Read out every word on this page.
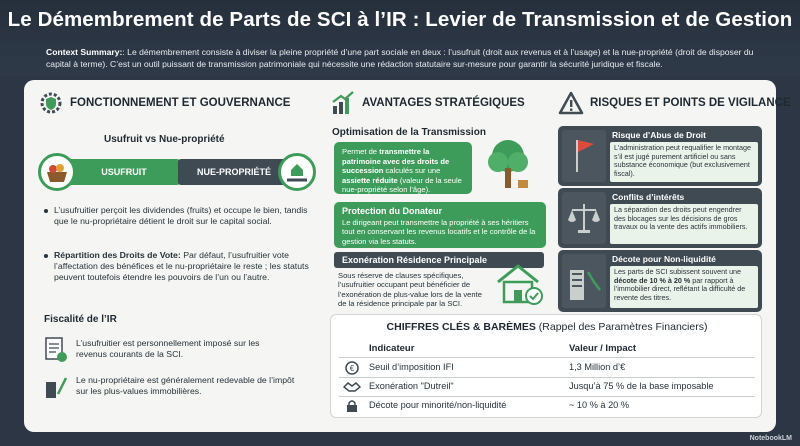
Le Démembrement de Parts de SCI à l’IR : Levier de Transmission et de Gestion
Context Summary:: Le démembrement consiste à diviser la pleine propriété d’une part sociale en deux : l’usufruit (droit aux revenus et à l’usage) et la nue-propriété (droit de disposer du capital à terme). C’est un outil puissant de transmission patrimoniale qui nécessite une rédaction statutaire sur-mesure pour garantir la sécurité juridique et fiscale.
FONCTIONNEMENT ET GOUVERNANCE
Usufruit vs Nue-propriété
USUFRUIT	NUE-PROPRIÉTÉ
L’usufruitier perçoit les dividendes (fruits) et occupe le bien, tandis que le nu-propriétaire détient le droit sur le capital social.
Répartition des Droits de Vote: Par défaut, l’usufruitier vote l’affectation des bénéfices et le nu-propriétaire le reste ; les statuts peuvent toutefois étendre les pouvoirs de l’un ou l’autre.
Fiscalité de l’IR
L’usufruitier est personnellement imposé sur les revenus courants de la SCI.
Le nu-propriétaire est généralement redevable de l’impôt sur les plus-values immobilières.
AVANTAGES STRATÉGIQUES
Optimisation de la Transmission
Permet de transmettre la patrimoine avec des droits de succession calculés sur une assiette réduite (valeur de la seule nue-propriété selon l’âge).
Protection du Donateur
Le dirigeant peut transmettre la propriété à ses héritiers tout en conservant les revenus locatifs et le contrôle de la gestion via les statuts.
Exonération Résidence Principale
Sous réserve de clauses spécifiques, l’usufruitier occupant peut bénéficier de l’exonération de plus-value lors de la vente de la résidence principale par la SCI.
RISQUES ET POINTS DE VIGILANCE
Risque d’Abus de Droit
L’administration peut requalifier le montage s’il est jugé purement artificiel ou sans substance économique (but exclusivement fiscal).
Conflits d’intérêts
La séparation des droits peut engendrer des blocages sur les décisions de gros travaux ou la vente des actifs immobiliers.
Décote pour Non-liquidité
Les parts de SCI subissent souvent une décote de 10 % à 20 % par rapport à l’immobilier direct, reflétant la difficulté de revente des titres.
CHIFFRES CLÉS & BARÈMES (Rappel des Paramètres Financiers)
Indicateur	Valeur / Impact
€ Seuil d’imposition IFI	1,3 Million d’€
Exonération "Dutreil"	Jusqu’à 75 % de la base imposable
Décote pour minorité/non-liquidité	~ 10 % à 20 %
NotebookLM
